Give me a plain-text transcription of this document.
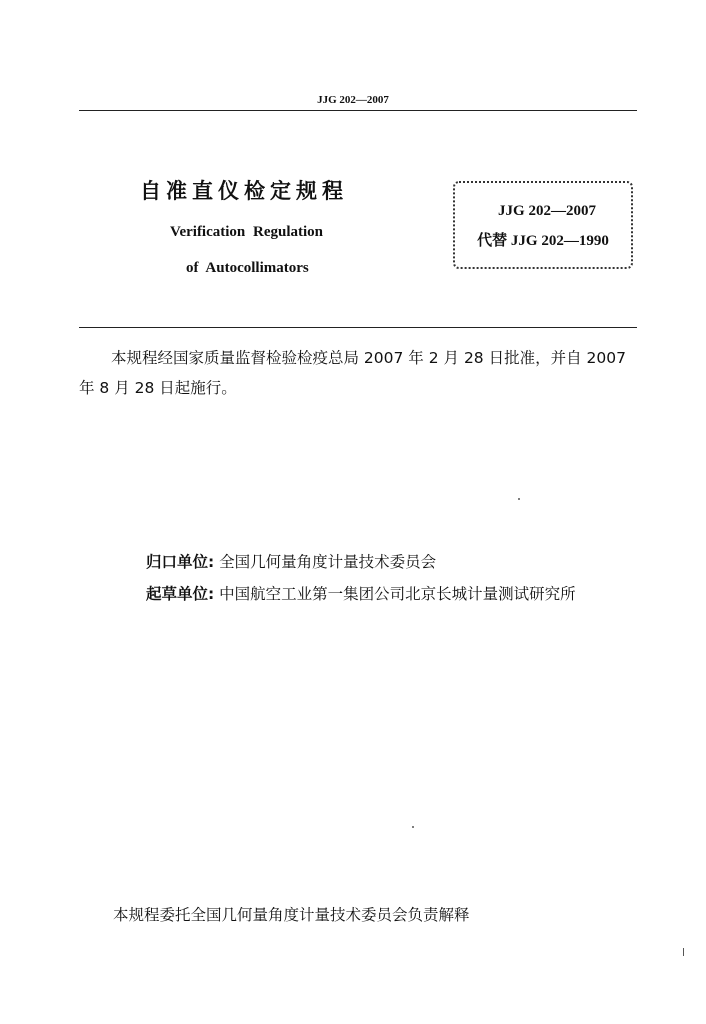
JJG 202—2007
自准直仪检定规程
Verification Regulation
of Autocollimators
JJG 202—2007
代替 JJG 202—1990
本规程经国家质量监督检验检疫总局 2007 年 2 月 28 日批准，并自 2007 年 8 月 28 日起施行。
归口单位: 全国几何量角度计量技术委员会
起草单位: 中国航空工业第一集团公司北京长城计量测试研究所
本规程委托全国几何量角度计量技术委员会负责解释
